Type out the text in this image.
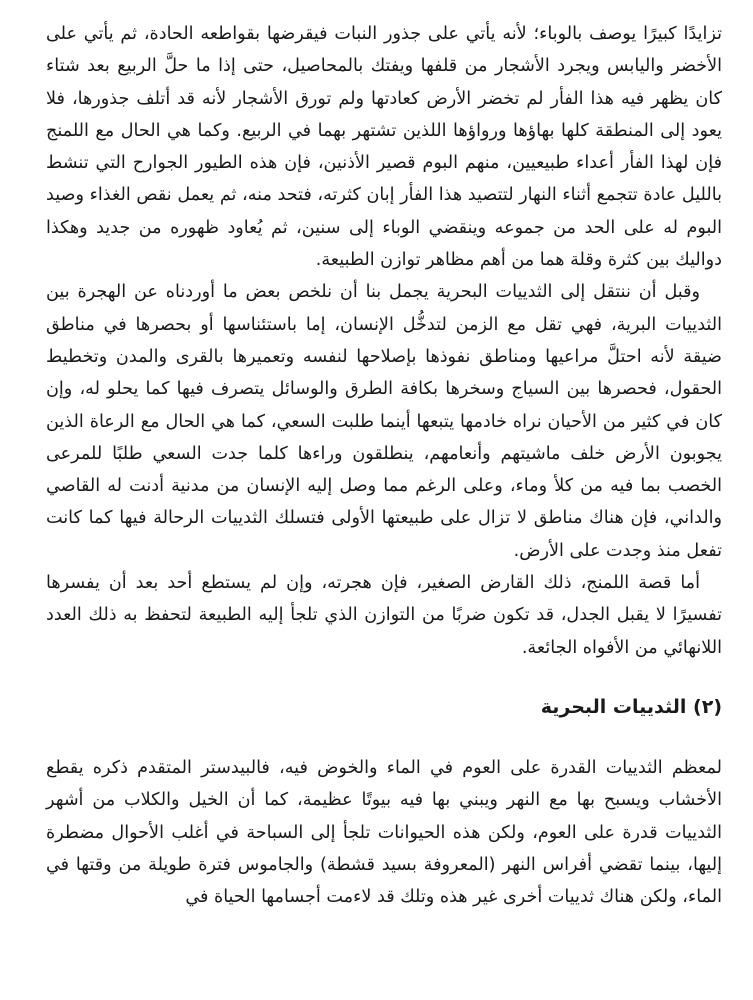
تزايدًا كبيرًا يوصف بالوباء؛ لأنه يأتي على جذور النبات فيقرضها بقواطعه الحادة، ثم يأتي على الأخضر واليابس ويجرد الأشجار من قلفها ويفتك بالمحاصيل، حتى إذا ما حلَّ الربيع بعد شتاء كان يظهر فيه هذا الفأر لم تخضر الأرض كعادتها ولم تورق الأشجار لأنه قد أتلف جذورها، فلا يعود إلى المنطقة كلها بهاؤها ورواؤها اللذين تشتهر بهما في الربيع. وكما هي الحال مع اللمنج فإن لهذا الفأر أعداء طبيعيين، منهم البوم قصير الأذنين، فإن هذه الطيور الجوارح التي تنشط بالليل عادة تتجمع أثناء النهار لتتصيد هذا الفأر إبان كثرته، فتحد منه، ثم يعمل نقص الغذاء وصيد البوم له على الحد من جموعه وينقضي الوباء إلى سنين، ثم يُعاود ظهوره من جديد وهكذا دواليك بين كثرة وقلة هما من أهم مظاهر توازن الطبيعة.

وقبل أن ننتقل إلى الثدييات البحرية يجمل بنا أن نلخص بعض ما أوردناه عن الهجرة بين الثدييات البرية، فهي تقل مع الزمن لتدخُّل الإنسان، إما باستئناسها أو بحصرها في مناطق ضيقة لأنه احتلَّ مراعيها ومناطق نفوذها بإصلاحها لنفسه وتعميرها بالقرى والمدن وتخطيط الحقول، فحصرها بين السياج وسخرها بكافة الطرق والوسائل يتصرف فيها كما يحلو له، وإن كان في كثير من الأحيان نراه خادمها يتبعها أينما طلبت السعي، كما هي الحال مع الرعاة الذين يجوبون الأرض خلف ماشيتهم وأنعامهم، ينطلقون وراءها كلما جدت السعي طلبًا للمرعى الخصب بما فيه من كلأ وماء، وعلى الرغم مما وصل إليه الإنسان من مدنية أدنت له القاصي والداني، فإن هناك مناطق لا تزال على طبيعتها الأولى فتسلك الثدييات الرحالة فيها كما كانت تفعل منذ وجدت على الأرض.

أما قصة اللمنج، ذلك القارض الصغير، فإن هجرته، وإن لم يستطع أحد بعد أن يفسرها تفسيرًا لا يقبل الجدل، قد تكون ضربًا من التوازن الذي تلجأ إليه الطبيعة لتحفظ به ذلك العدد اللانهائي من الأفواه الجائعة.

(٢) الثدييات البحرية

لمعظم الثدييات القدرة على العوم في الماء والخوض فيه، فالبيدستر المتقدم ذكره يقطع الأخشاب ويسبح بها مع النهر ويبني بها فيه بيوتًا عظيمة، كما أن الخيل والكلاب من أشهر الثدييات قدرة على العوم، ولكن هذه الحيوانات تلجأ إلى السباحة في أغلب الأحوال مضطرة إليها، بينما تقضي أفراس النهر (المعروفة بسيد قشطة) والجاموس فترة طويلة من وقتها في الماء، ولكن هناك ثدييات أخرى غير هذه وتلك قد لاءمت أجسامها الحياة في
